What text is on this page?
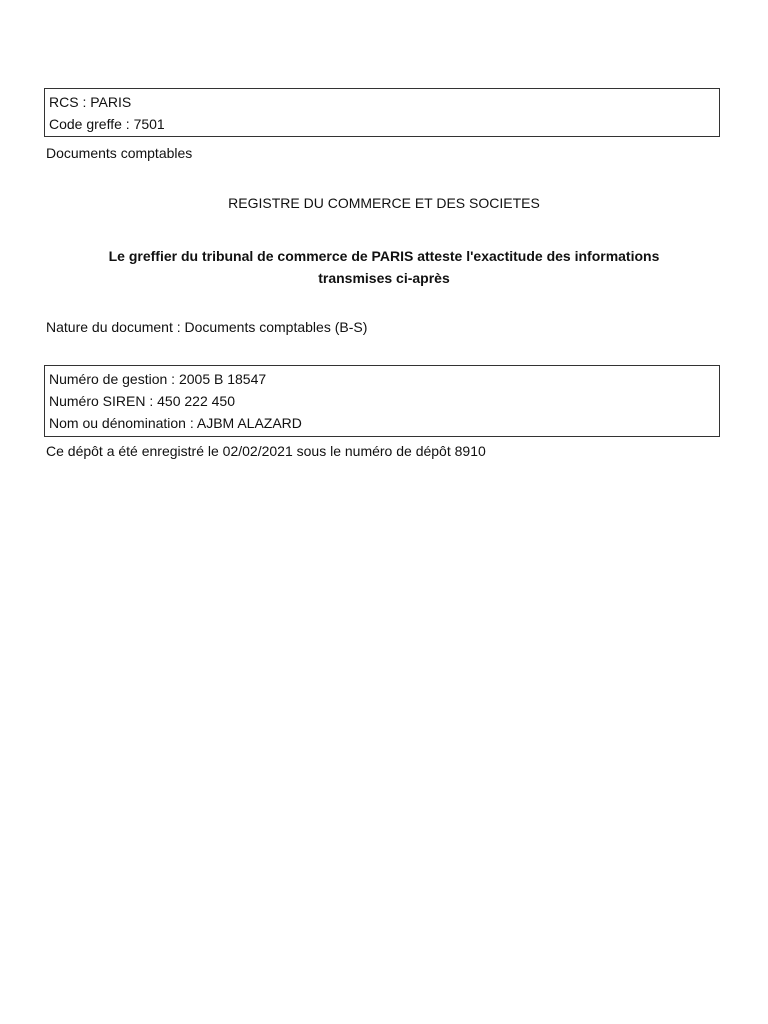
RCS : PARIS
Code greffe : 7501
Documents comptables
REGISTRE DU COMMERCE ET DES SOCIETES
Le greffier du tribunal de commerce de PARIS atteste l'exactitude des informations
transmises ci-après
Nature du document : Documents comptables (B-S)
Numéro de gestion : 2005 B 18547
Numéro SIREN : 450 222 450
Nom ou dénomination : AJBM ALAZARD
Ce dépôt a été enregistré le 02/02/2021 sous le numéro de dépôt 8910
